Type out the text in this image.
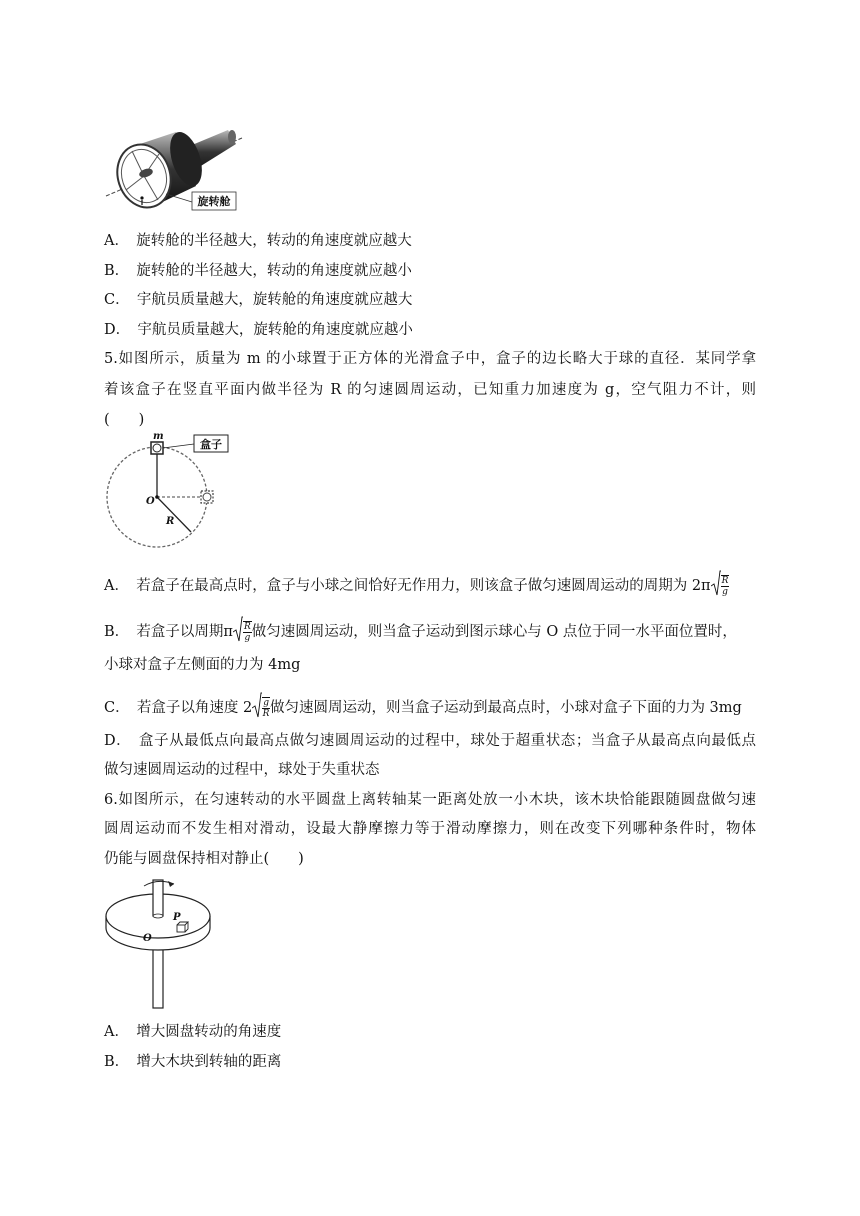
旋转舱
A．　旋转舱的半径越大，转动的角速度就应越大
B．　旋转舱的半径越大，转动的角速度就应越小
C．　宇航员质量越大，旋转舱的角速度就应越大
D．　宇航员质量越大，旋转舱的角速度就应越小
5.如图所示，质量为 m 的小球置于正方体的光滑盒子中，盒子的边长略大于球的直径．某同学拿
着该盒子在竖直平面内做半径为 R 的匀速圆周运动，已知重力加速度为 g，空气阻力不计，则
(　　)
盒子
m
O
R
A．　若盒子在最高点时，盒子与小球之间恰好无作用力，则该盒子做匀速圆周运动的周期为 $2\pi \frac{R}{g}$
B．　若盒子以周期π $\frac{R}{g}$ 做匀速圆周运动，则当盒子运动到图示球心与 O 点位于同一水平面位置时，
小球对盒子左侧面的力为 4mg
C．　若盒子以角速度 $2 \frac{g}{R}$ 做匀速圆周运动，则当盒子运动到最高点时，小球对盒子下面的力为 3mg
D．　盒子从最低点向最高点做匀速圆周运动的过程中，球处于超重状态；当盒子从最高点向最低点
做匀速圆周运动的过程中，球处于失重状态
6.如图所示，在匀速转动的水平圆盘上离转轴某一距离处放一小木块，该木块恰能跟随圆盘做匀速
圆周运动而不发生相对滑动，设最大静摩擦力等于滑动摩擦力，则在改变下列哪种条件时，物体
仍能与圆盘保持相对静止(　　)
P
O
A．　增大圆盘转动的角速度
B．　增大木块到转轴的距离
